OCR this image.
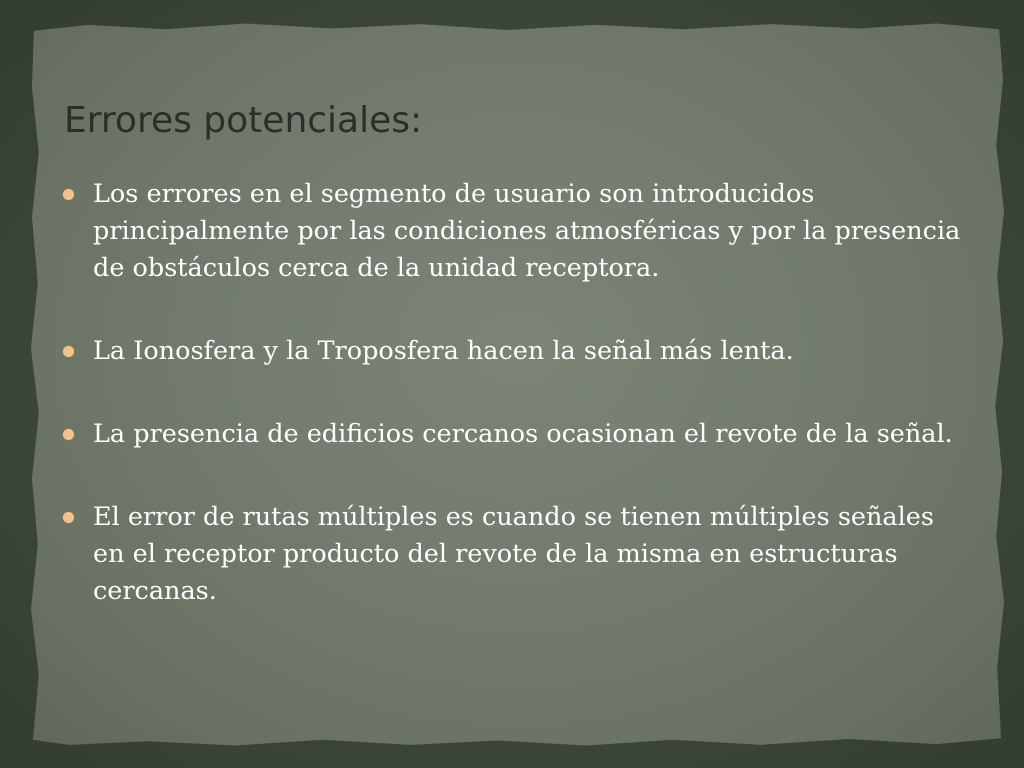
Errores potenciales:
Los errores en el segmento de usuario son introducidos principalmente por las condiciones atmosféricas y por la presencia de obstáculos cerca de la unidad receptora.
La Ionosfera y la Troposfera hacen la señal más lenta.
La presencia de edificios cercanos ocasionan el revote de la señal.
El error de rutas múltiples es cuando se tienen múltiples señales en el receptor producto del revote de la misma en estructuras cercanas.
